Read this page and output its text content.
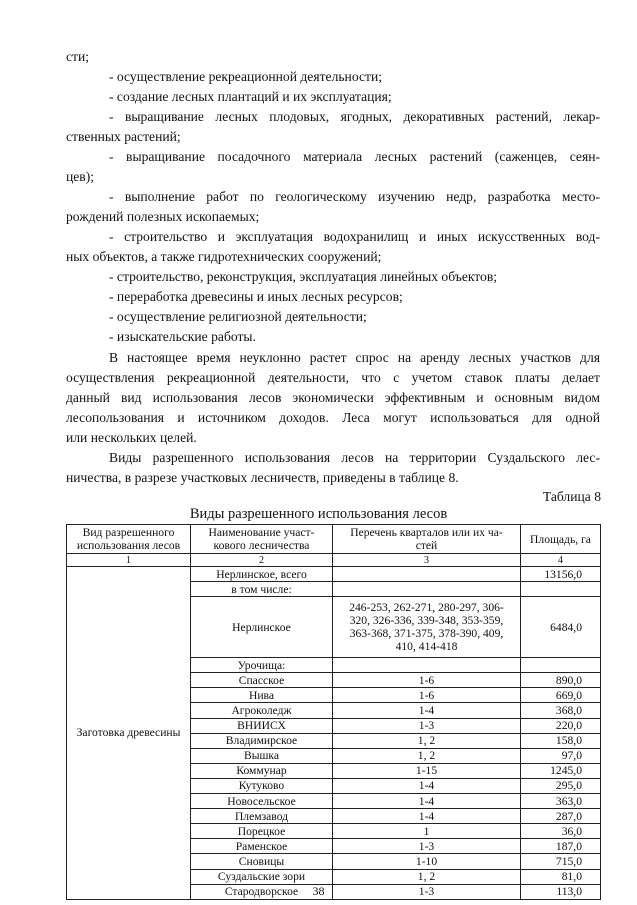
сти;
- осуществление рекреационной деятельности;
- создание лесных плантаций и их эксплуатация;
- выращивание лесных плодовых, ягодных, декоративных растений, лекар-
ственных растений;
- выращивание посадочного материала лесных растений (саженцев, сеян-
цев);
- выполнение работ по геологическому изучению недр, разработка место-
рождений полезных ископаемых;
- строительство и эксплуатация водохранилищ и иных искусственных вод-
ных объектов, а также гидротехнических сооружений;
- строительство, реконструкция, эксплуатация линейных объектов;
- переработка древесины и иных лесных ресурсов;
- осуществление религиозной деятельности;
- изыскательские работы.
В настоящее время неуклонно растет спрос на аренду лесных участков для
осуществления рекреационной деятельности, что с учетом ставок платы делает
данный вид использования лесов экономически эффективным и основным видом
лесопользования и источником доходов. Леса могут использоваться для одной
или нескольких целей.
Виды разрешенного использования лесов на территории Суздальского лес-
ничества, в разрезе участковых лесничеств, приведены в таблице 8.
Таблица 8
Виды разрешенного использования лесов
Вид разрешенного
использования лесов	Наименование участ-
кового лесничества	Перечень кварталов или их ча-
стей	Площадь, га
1	2	3	4
Заготовка древесины	Нерлинское, всего		13156,0
	в том числе:		
	Нерлинское	246-253, 262-271, 280-297, 306-
320, 326-336, 339-348, 353-359,
363-368, 371-375, 378-390, 409,
410, 414-418	6484,0
	Урочища:		
	Спасское	1-6	890,0
	Нива	1-6	669,0
	Агроколедж	1-4	368,0
	ВНИИСХ	1-3	220,0
	Владимирское	1, 2	158,0
	Вышка	1, 2	97,0
	Коммунар	1-15	1245,0
	Кутуково	1-4	295,0
	Новосельское	1-4	363,0
	Племзавод	1-4	287,0
	Порецкое	1	36,0
	Раменское	1-3	187,0
	Сновицы	1-10	715,0
	Суздальские зори	1, 2	81,0
	Стародворское	1-3	113,0
38
